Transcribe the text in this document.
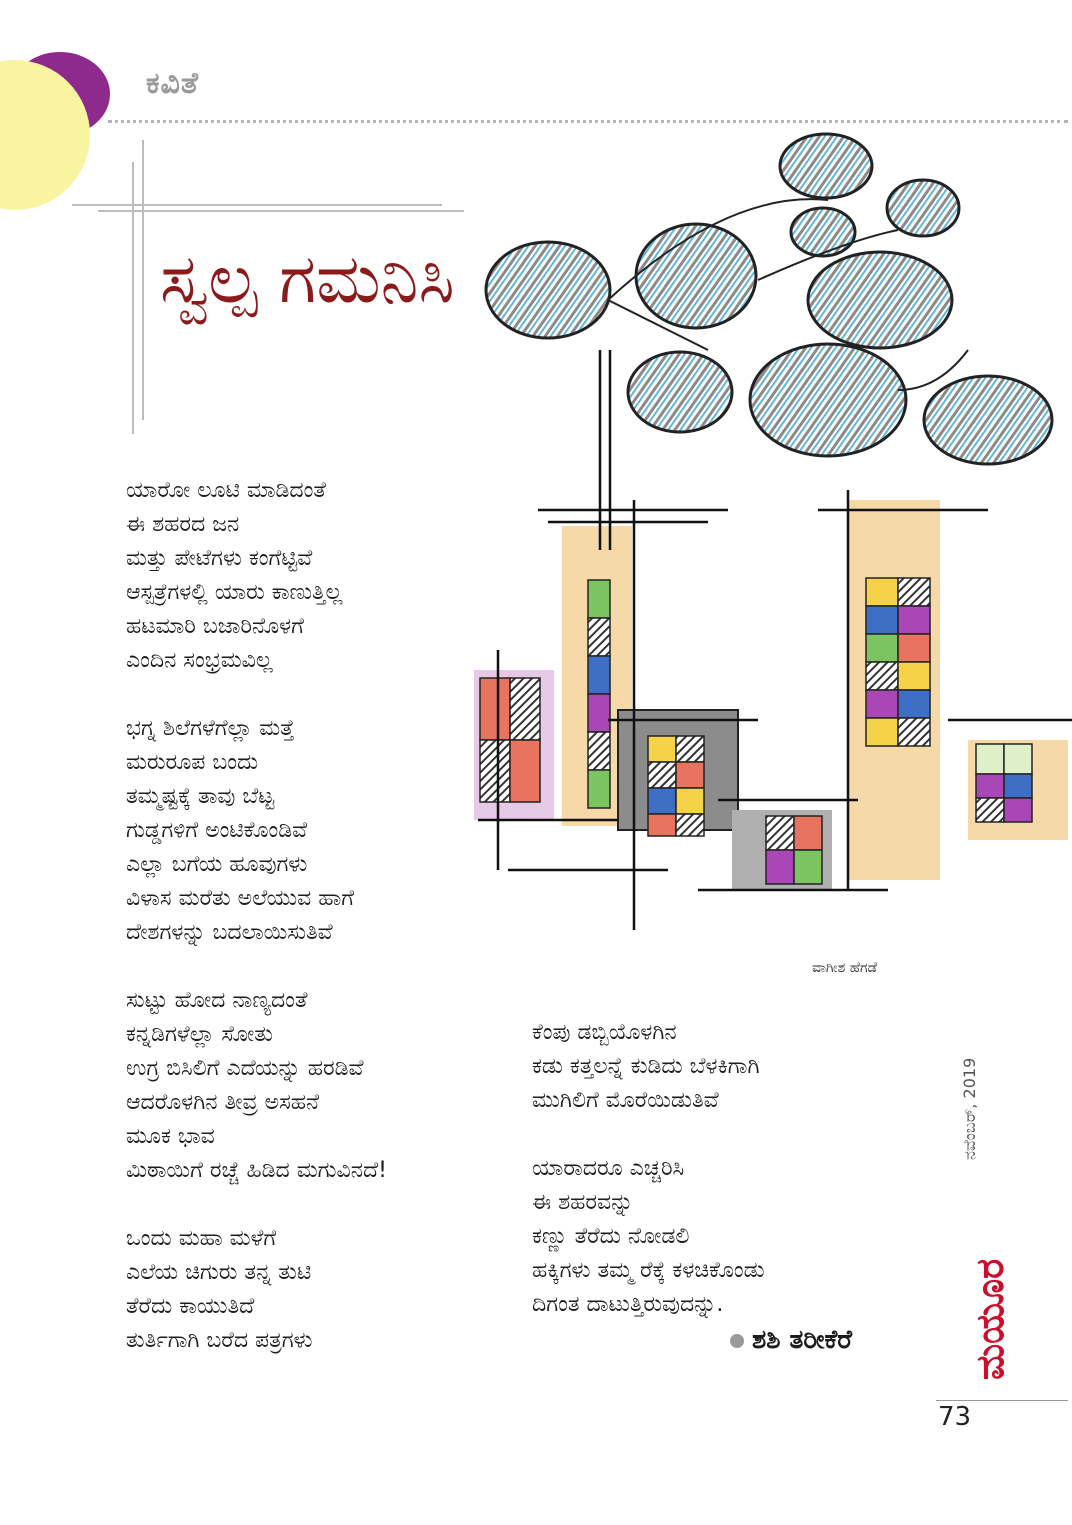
ಕವಿತೆ
ಸ್ವಲ್ಪ ಗಮನಿಸಿ

ಯಾರೋ ಲೂಟಿ ಮಾಡಿದಂತೆ
ಈ ಶಹರದ ಜನ
ಮತ್ತು ಪೇಟೆಗಳು ಕಂಗೆಟ್ಟಿವೆ
ಆಸ್ಪತ್ರೆಗಳಲ್ಲಿ ಯಾರು ಕಾಣುತ್ತಿಲ್ಲ
ಹಟಮಾರಿ ಬಜಾರಿನೊಳಗೆ
ಎಂದಿನ ಸಂಭ್ರಮವಿಲ್ಲ

ಭಗ್ನ ಶಿಲೆಗಳೆಗೆಲ್ಲಾ ಮತ್ತೆ
ಮರುರೂಪ ಬಂದು
ತಮ್ಮಷ್ಟಕ್ಕೆ ತಾವು ಬೆಟ್ಟ
ಗುಡ್ಡಗಳಿಗೆ ಅಂಟಿಕೊಂಡಿವೆ
ಎಲ್ಲಾ ಬಗೆಯ ಹೂವುಗಳು
ವಿಳಾಸ ಮರೆತು ಅಲೆಯುವ ಹಾಗೆ
ದೇಶಗಳನ್ನು ಬದಲಾಯಿಸುತಿವೆ

ಸುಟ್ಟು ಹೋದ ನಾಣ್ಯದಂತೆ
ಕನ್ನಡಿಗಳೆಲ್ಲಾ ಸೋತು
ಉಗ್ರ ಬಿಸಿಲಿಗೆ ಎದೆಯನ್ನು ಹರಡಿವೆ
ಆದರೊಳಗಿನ ತೀವ್ರ ಅಸಹನೆ
ಮೂಕ ಭಾವ
ಮಿಠಾಯಿಗೆ ರಚ್ಚೆ ಹಿಡಿದ ಮಗುವಿನದೆ!

ಒಂದು ಮಹಾ ಮಳೆಗೆ
ಎಲೆಯ ಚಿಗುರು ತನ್ನ ತುಟಿ
ತೆರೆದು ಕಾಯುತಿದೆ
ತುರ್ತಿಗಾಗಿ ಬರೆದ ಪತ್ರಗಳು

ಕೆಂಪು ಡಬ್ಬಿಯೊಳಗಿನ
ಕಡು ಕತ್ತಲನ್ನೆ ಕುಡಿದು ಬೆಳಕಿಗಾಗಿ
ಮುಗಿಲಿಗೆ ಮೊರೆಯಿಡುತಿವೆ

ಯಾರಾದರೂ ಎಚ್ಚರಿಸಿ
ಈ ಶಹರವನ್ನು
ಕಣ್ಣು ತೆರೆದು ನೋಡಲಿ
ಹಕ್ಕಿಗಳು ತಮ್ಮ ರೆಕ್ಕೆ ಕಳಚಿಕೊಂಡು
ದಿಗಂತ ದಾಟುತ್ತಿರುವುದನ್ನು.

ಶಶಿ ತರೀಕೆರೆ
ವಾಗೀಶ ಹೆಗಡೆ
ನವೆಂಬರ್, 2019
ಮಯೂರ
73
